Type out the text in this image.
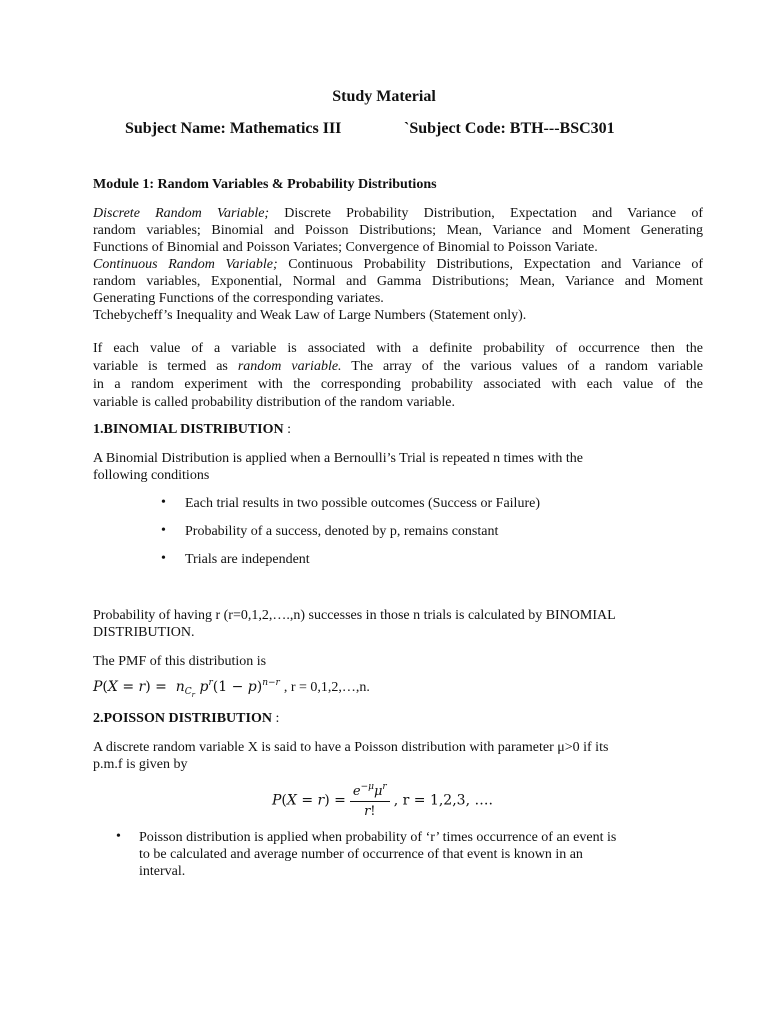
Study Material
Subject Name: Mathematics III	`Subject Code: BTH---BSC301
Module 1: Random Variables & Probability Distributions
Discrete Random Variable; Discrete Probability Distribution, Expectation and Variance of
random variables; Binomial and Poisson Distributions; Mean, Variance and Moment Generating
Functions of Binomial and Poisson Variates; Convergence of Binomial to Poisson Variate.
Continuous Random Variable; Continuous Probability Distributions, Expectation and Variance of
random variables, Exponential, Normal and Gamma Distributions; Mean, Variance and Moment
Generating Functions of the corresponding variates.
Tchebycheff’s Inequality and Weak Law of Large Numbers (Statement only).
If each value of a variable is associated with a definite probability of occurrence then the
variable is termed as random variable. The array of the various values of a random variable
in a random experiment with the corresponding probability associated with each value of the
variable is called probability distribution of the random variable.
1.BINOMIAL DISTRIBUTION :
A Binomial Distribution is applied when a Bernoulli’s Trial is repeated n times with the
following conditions
• Each trial results in two possible outcomes (Success or Failure)
• Probability of a success, denoted by p, remains constant
• Trials are independent
Probability of having r (r=0,1,2,….,n) successes in those n trials is calculated by BINOMIAL
DISTRIBUTION.
The PMF of this distribution is
$P(X = r) = n_{C_r}$ $p^r(1 - p)^{n-r}$ , r = 0,1,2,…,n.
2.POISSON DISTRIBUTION :
A discrete random variable X is said to have a Poisson distribution with parameter μ>0 if its
p.m.f is given by
$P(X = r) = \frac{e^{-\mu}\mu^r}{r!}$ , r = 1,2,3, ….
• Poisson distribution is applied when probability of ‘r’ times occurrence of an event is
to be calculated and average number of occurrence of that event is known in an
interval.
